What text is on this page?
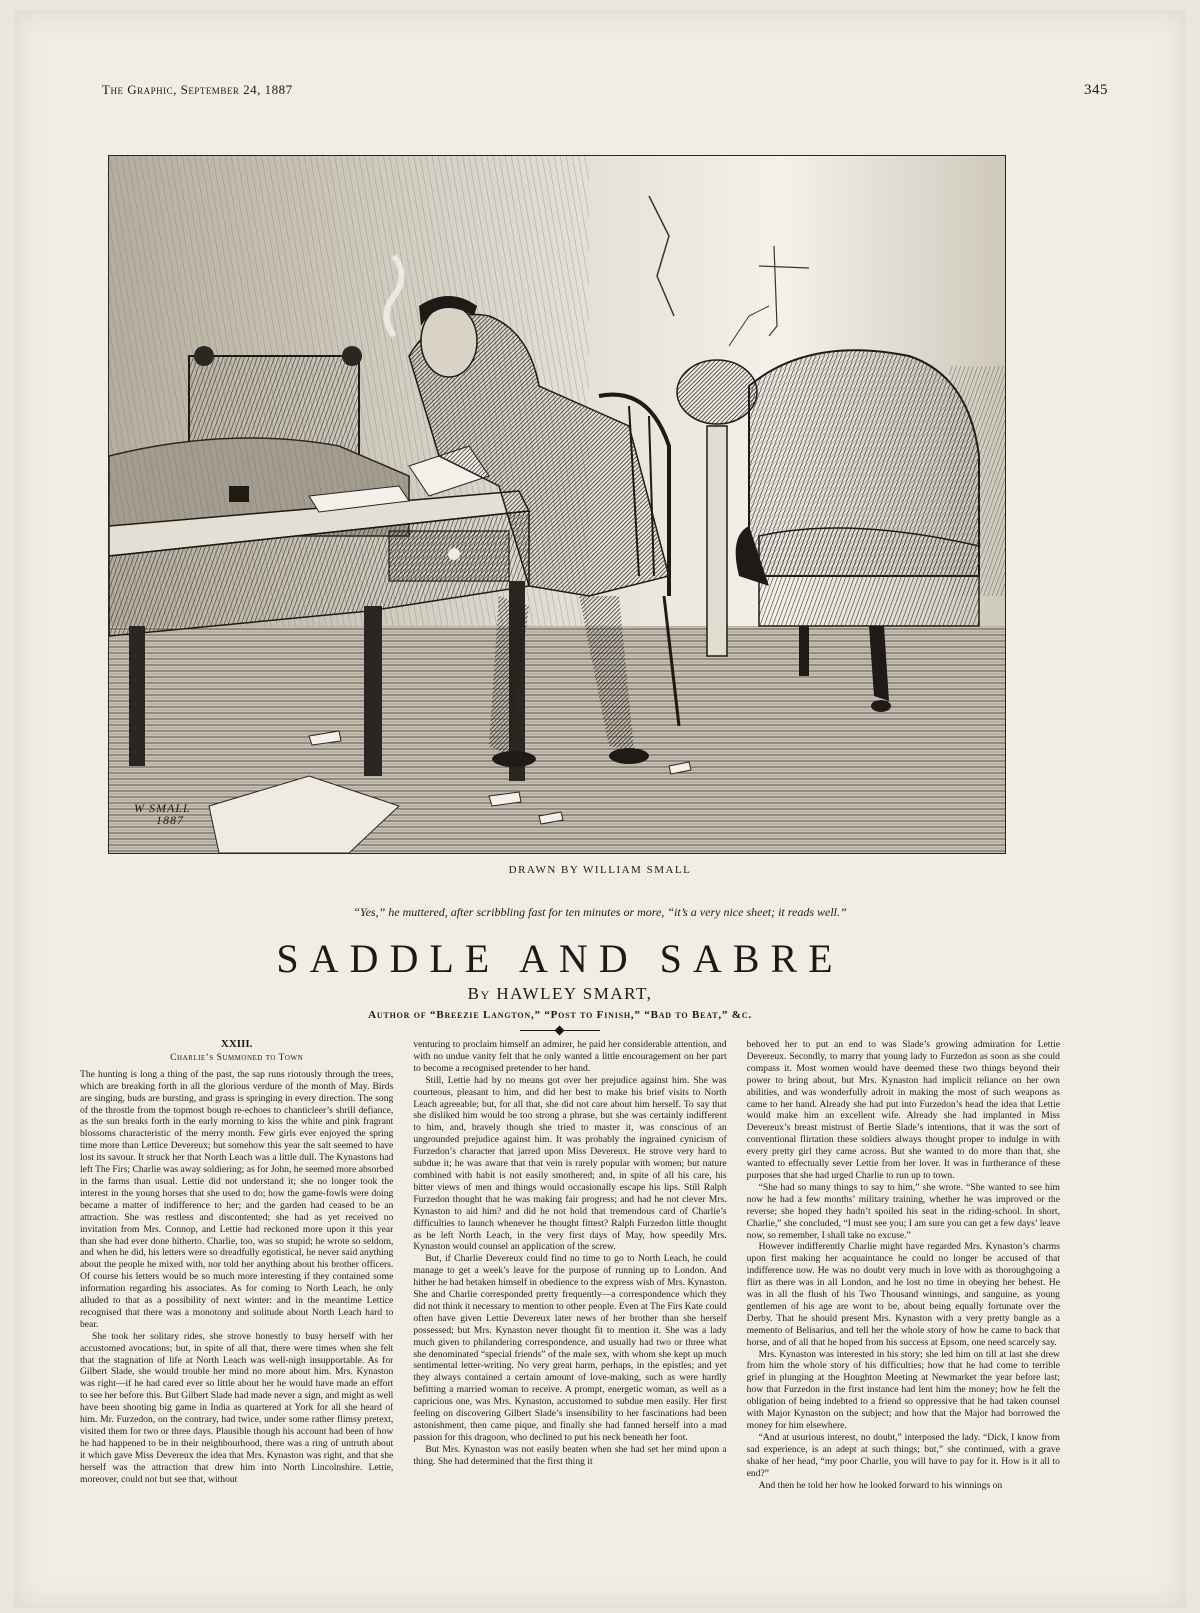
The Graphic, September 24, 1887	345
W SMALL
1887
DRAWN BY WILLIAM SMALL
“Yes,” he muttered, after scribbling fast for ten minutes or more, “it’s a very nice sheet; it reads well.”
SADDLE AND SABRE
By HAWLEY SMART,
Author of “Breezie Langton,” “Post to Finish,” “Bad to Beat,” &c.
XXIII.
Charlie’s Summoned to Town

The hunting is long a thing of the past, the sap runs riotously through the trees, which are breaking forth in all the glorious verdure of the month of May. Birds are singing, buds are bursting, and grass is springing in every direction. The song of the throstle from the topmost bough re-echoes to chanticleer’s shrill defiance, as the sun breaks forth in the early morning to kiss the white and pink fragrant blossoms characteristic of the merry month. Few girls ever enjoyed the spring time more than Lettice Devereux; but somehow this year the salt seemed to have lost its savour. It struck her that North Leach was a little dull. The Kynastons had left The Firs; Charlie was away soldiering; as for John, he seemed more absorbed in the farms than usual. Lettie did not understand it; she no longer took the interest in the young horses that she used to do; how the game-fowls were doing became a matter of indifference to her; and the garden had ceased to be an attraction. She was restless and discontented; she had as yet received no invitation from Mrs. Connop, and Lettie had reckoned more upon it this year than she had ever done hitherto. Charlie, too, was so stupid; he wrote so seldom, and when he did, his letters were so dreadfully egotistical, he never said anything about the people he mixed with, nor told her anything about his brother officers. Of course his letters would be so much more interesting if they contained some information regarding his associates. As for coming to North Leach, he only alluded to that as a possibility of next winter: and in the meantime Lettice recognised that there was a monotony and solitude about North Leach hard to bear.

She took her solitary rides, she strove honestly to busy herself with her accustomed avocations; but, in spite of all that, there were times when she felt that the stagnation of life at North Leach was well-nigh insupportable. As for Gilbert Slade, she would trouble her mind no more about him. Mrs. Kynaston was right—if he had cared ever so little about her he would have made an effort to see her before this. But Gilbert Slade had made never a sign, and might as well have been shooting big game in India as quartered at York for all she heard of him. Mr. Furzedon, on the contrary, had twice, under some rather flimsy pretext, visited them for two or three days. Plausible though his account had been of how he had happened to be in their neighbourhood, there was a ring of untruth about it which gave Miss Devereux the idea that Mrs. Kynaston was right, and that she herself was the attraction that drew him into North Lincolnshire. Lettie, moreover, could not but see that, without

venturing to proclaim himself an admirer, he paid her considerable attention, and with no undue vanity felt that he only wanted a little encouragement on her part to become a recognised pretender to her hand.

Still, Lettie had by no means got over her prejudice against him. She was courteous, pleasant to him, and did her best to make his brief visits to North Leach agreeable; but, for all that, she did not care about him herself. To say that she disliked him would be too strong a phrase, but she was certainly indifferent to him, and, bravely though she tried to master it, was conscious of an ungrounded prejudice against him. It was probably the ingrained cynicism of Furzedon’s character that jarred upon Miss Devereux. He strove very hard to subdue it; he was aware that that vein is rarely popular with women; but nature combined with habit is not easily smothered; and, in spite of all his care, his bitter views of men and things would occasionally escape his lips. Still Ralph Furzedon thought that he was making fair progress; and had he not clever Mrs. Kynaston to aid him? and did he not hold that tremendous card of Charlie’s difficulties to launch whenever he thought fittest? Ralph Furzedon little thought as he left North Leach, in the very first days of May, how speedily Mrs. Kynaston would counsel an application of the screw.

But, if Charlie Devereux could find no time to go to North Leach, he could manage to get a week’s leave for the purpose of running up to London. And hither he had betaken himself in obedience to the express wish of Mrs. Kynaston. She and Charlie corresponded pretty frequently—a correspondence which they did not think it necessary to mention to other people. Even at The Firs Kate could often have given Lettie Devereux later news of her brother than she herself possessed; but Mrs. Kynaston never thought fit to mention it. She was a lady much given to philandering correspondence, and usually had two or three what she denominated “special friends” of the male sex, with whom she kept up much sentimental letter-writing. No very great harm, perhaps, in the epistles; and yet they always contained a certain amount of love-making, such as were hardly befitting a married woman to receive. A prompt, energetic woman, as well as a capricious one, was Mrs. Kynaston, accustomed to subdue men easily. Her first feeling on discovering Gilbert Slade’s insensibility to her fascinations had been astonishment, then came pique, and finally she had fanned herself into a mad passion for this dragoon, who declined to put his neck beneath her foot.

But Mrs. Kynaston was not easily beaten when she had set her mind upon a thing. She had determined that the first thing it

behoved her to put an end to was Slade’s growing admiration for Lettie Devereux. Secondly, to marry that young lady to Furzedon as soon as she could compass it. Most women would have deemed these two things beyond their power to bring about, but Mrs. Kynaston had implicit reliance on her own abilities, and was wonderfully adroit in making the most of such weapons as came to her hand. Already she had put into Furzedon’s head the idea that Lettie would make him an excellent wife. Already she had implanted in Miss Devereux’s breast mistrust of Bertie Slade’s intentions, that it was the sort of conventional flirtation these soldiers always thought proper to indulge in with every pretty girl they came across. But she wanted to do more than that, she wanted to effectually sever Lettie from her lover. It was in furtherance of these purposes that she had urged Charlie to run up to town.

“She had so many things to say to him,” she wrote. “She wanted to see him now he had a few months’ military training, whether he was improved or the reverse; she hoped they hadn’t spoiled his seat in the riding-school. In short, Charlie,” she concluded, “I must see you; I am sure you can get a few days’ leave now, so remember, I shall take no excuse.”

However indifferently Charlie might have regarded Mrs. Kynaston’s charms upon first making her acquaintance he could no longer be accused of that indifference now. He was no doubt very much in love with as thoroughgoing a flirt as there was in all London, and he lost no time in obeying her behest. He was in all the flush of his Two Thousand winnings, and sanguine, as young gentlemen of his age are wont to be, about being equally fortunate over the Derby. That he should present Mrs. Kynaston with a very pretty bangle as a memento of Belisarius, and tell her the whole story of how he came to back that horse, and of all that he hoped from his success at Epsom, one need scarcely say.

Mrs. Kynaston was interested in his story; she led him on till at last she drew from him the whole story of his difficulties; how that he had come to terrible grief in plunging at the Houghton Meeting at Newmarket the year before last; how that Furzedon in the first instance had lent him the money; how he felt the obligation of being indebted to a friend so oppressive that he had taken counsel with Major Kynaston on the subject; and how that the Major had borrowed the money for him elsewhere.

“And at usurious interest, no doubt,” interposed the lady. “Dick, I know from sad experience, is an adept at such things; but,” she continued, with a grave shake of her head, “my poor Charlie, you will have to pay for it. How is it all to end?”

And then he told her how he looked forward to his winnings on
